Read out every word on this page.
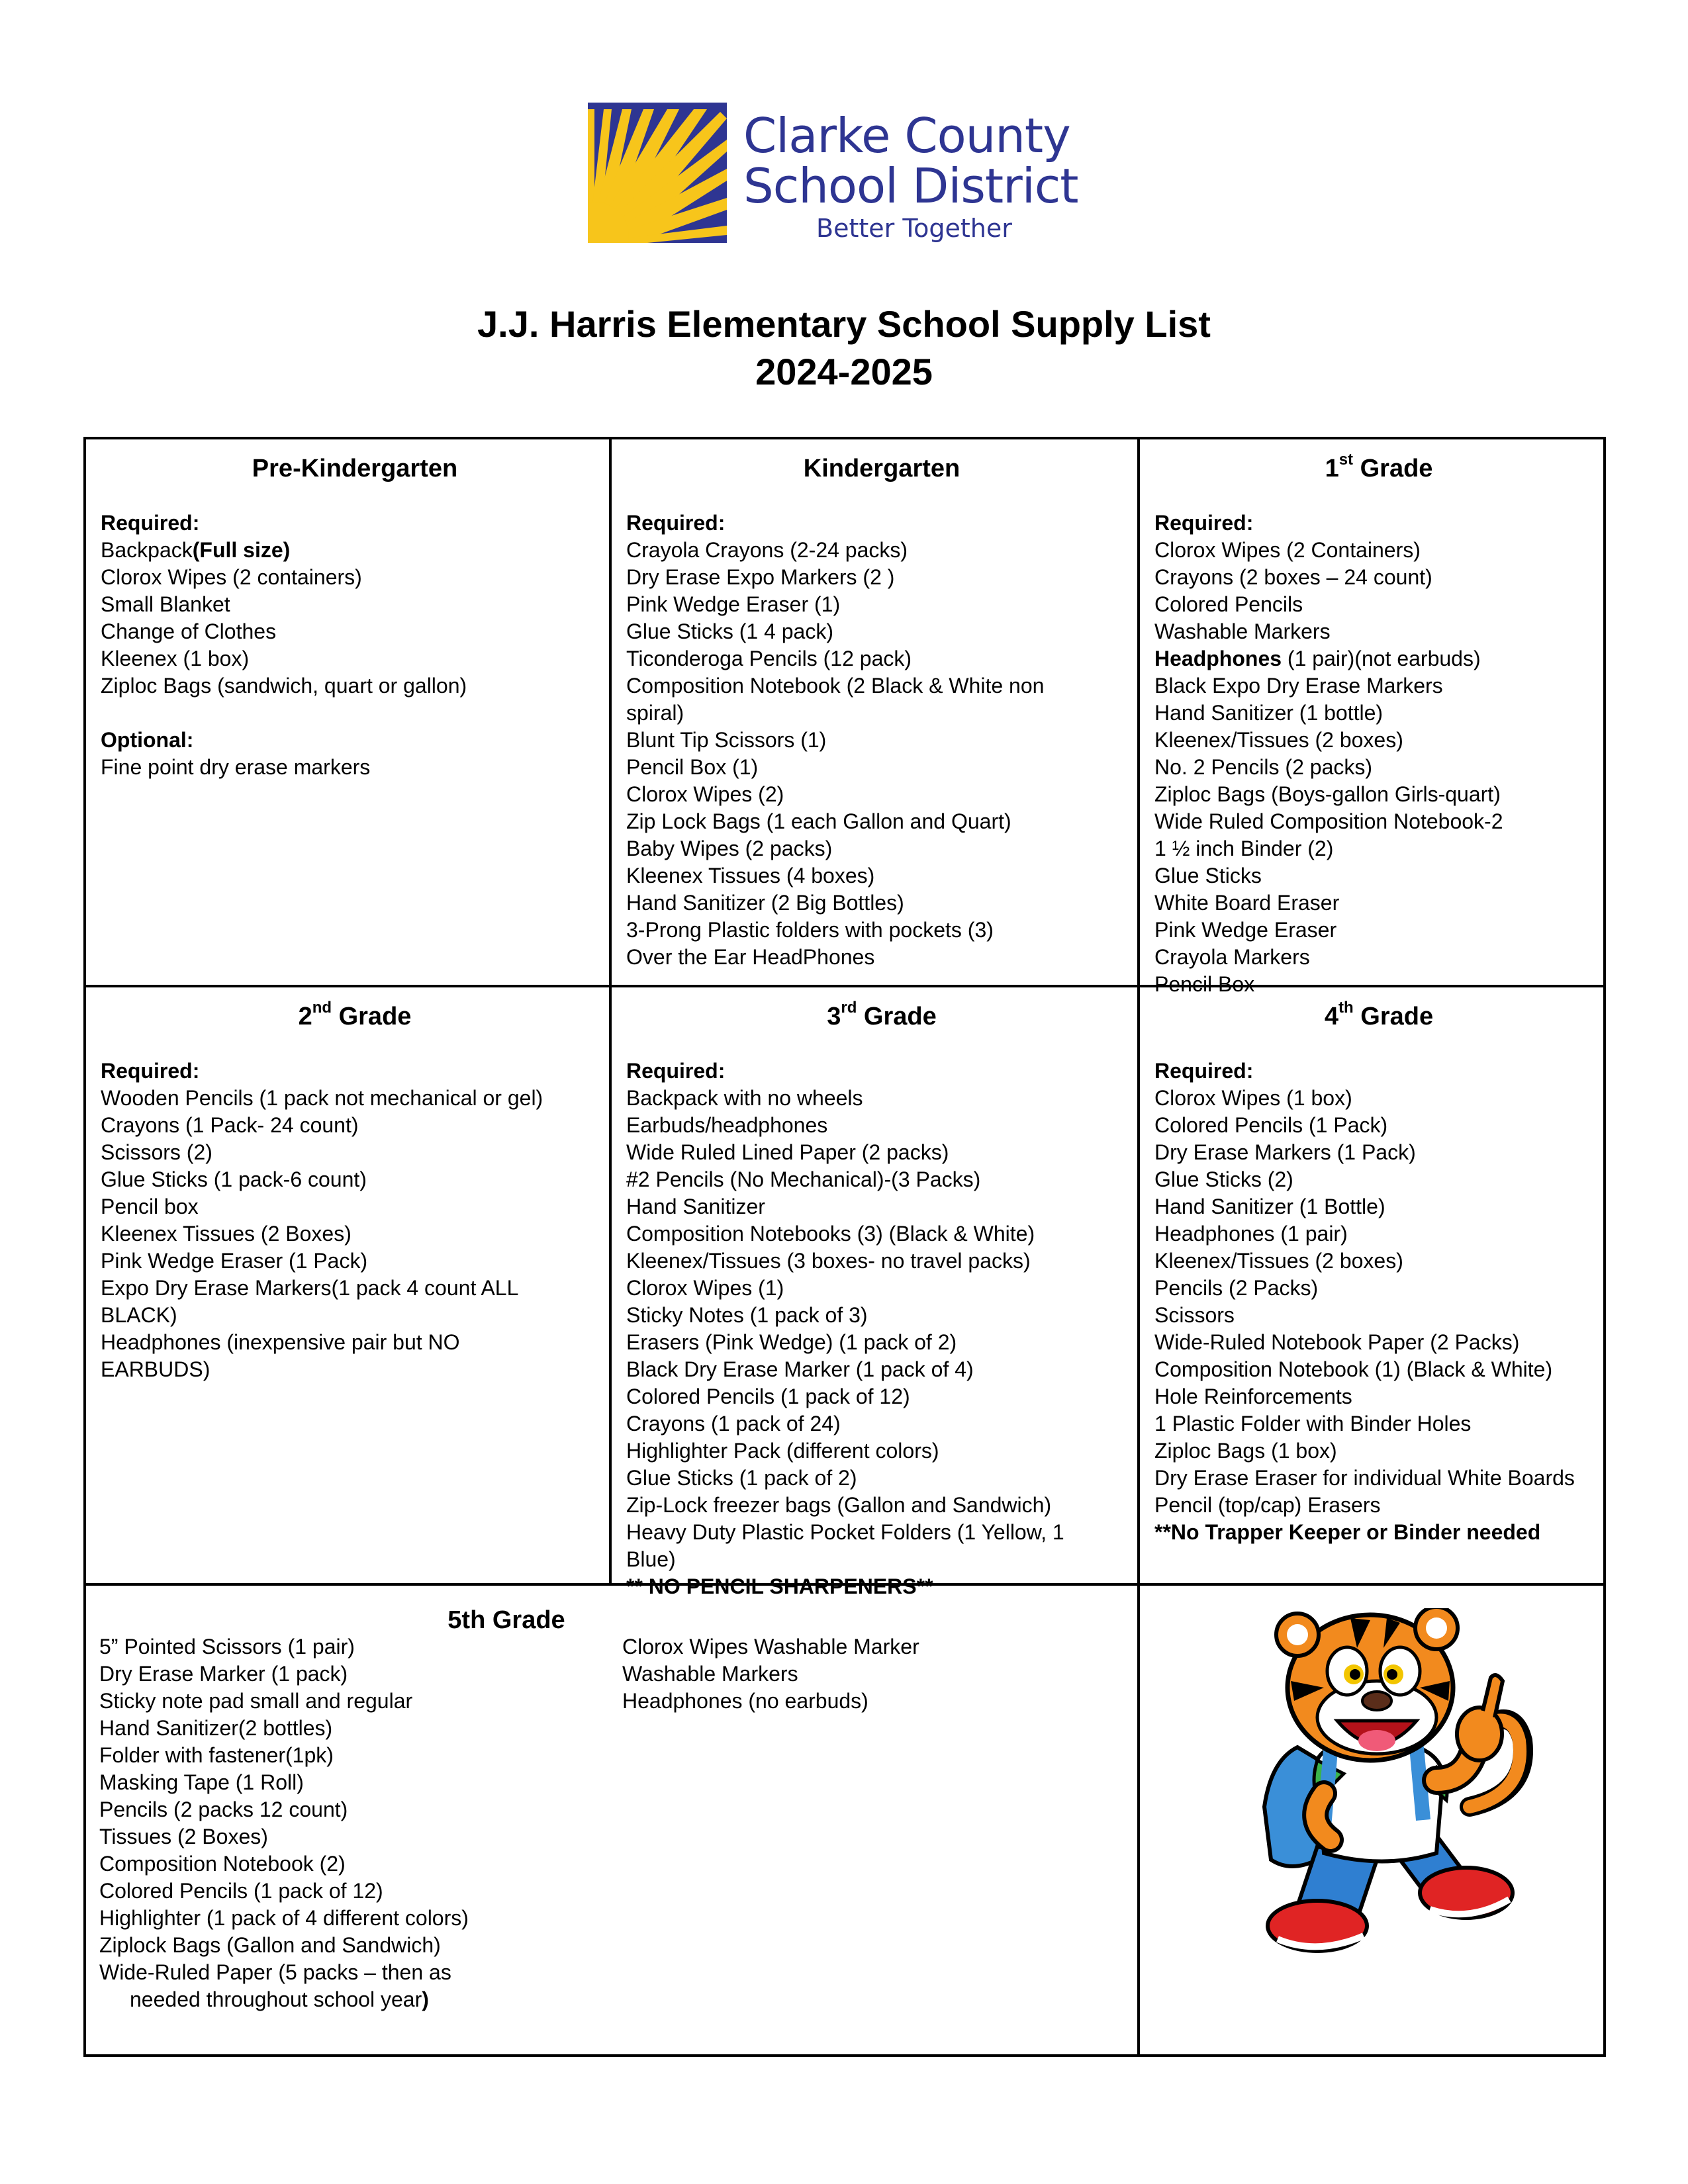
Clarke County
School District
Better Together
J.J. Harris Elementary School Supply List
2024-2025
Pre-Kindergarten
Required:
Backpack(Full size)
Clorox Wipes (2 containers)
Small Blanket
Change of Clothes
Kleenex (1 box)
Ziploc Bags (sandwich, quart or gallon)
Optional:
Fine point dry erase markers
Kindergarten
Required:
Crayola Crayons (2-24 packs)
Dry Erase Expo Markers (2 )
Pink Wedge Eraser (1)
Glue Sticks (1 4 pack)
Ticonderoga Pencils (12 pack)
Composition Notebook (2 Black & White non spiral)
Blunt Tip Scissors (1)
Pencil Box (1)
Clorox Wipes (2)
Zip Lock Bags (1 each Gallon and Quart)
Baby Wipes (2 packs)
Kleenex Tissues (4 boxes)
Hand Sanitizer (2 Big Bottles)
3-Prong Plastic folders with pockets (3)
Over the Ear HeadPhones
1st Grade
Required:
Clorox Wipes (2 Containers)
Crayons (2 boxes – 24 count)
Colored Pencils
Washable Markers
Headphones (1 pair)(not earbuds)
Black Expo Dry Erase Markers
Hand Sanitizer (1 bottle)
Kleenex/Tissues (2 boxes)
No. 2 Pencils (2 packs)
Ziploc Bags (Boys-gallon Girls-quart)
Wide Ruled Composition Notebook-2
1 ½ inch Binder (2)
Glue Sticks
White Board Eraser
Pink Wedge Eraser
Crayola Markers
Pencil Box
2nd Grade
Required:
Wooden Pencils (1 pack not mechanical or gel)
Crayons (1 Pack- 24 count)
Scissors (2)
Glue Sticks (1 pack-6 count)
Pencil box
Kleenex Tissues (2 Boxes)
Pink Wedge Eraser (1 Pack)
Expo Dry Erase Markers(1 pack 4 count ALL BLACK)
Headphones (inexpensive pair but NO EARBUDS)
3rd Grade
Required:
Backpack with no wheels
Earbuds/headphones
Wide Ruled Lined Paper (2 packs)
#2 Pencils (No Mechanical)-(3 Packs)
Hand Sanitizer
Composition Notebooks (3) (Black & White)
Kleenex/Tissues (3 boxes- no travel packs)
Clorox Wipes (1)
Sticky Notes (1 pack of 3)
Erasers (Pink Wedge) (1 pack of 2)
Black Dry Erase Marker (1 pack of 4)
Colored Pencils (1 pack of 12)
Crayons (1 pack of 24)
Highlighter Pack (different colors)
Glue Sticks (1 pack of 2)
Zip-Lock freezer bags (Gallon and Sandwich)
Heavy Duty Plastic Pocket Folders (1 Yellow, 1 Blue)
** NO PENCIL SHARPENERS**
4th Grade
Required:
Clorox Wipes (1 box)
Colored Pencils (1 Pack)
Dry Erase Markers (1 Pack)
Glue Sticks (2)
Hand Sanitizer (1 Bottle)
Headphones (1 pair)
Kleenex/Tissues (2 boxes)
Pencils (2 Packs)
Scissors
Wide-Ruled Notebook Paper (2 Packs)
Composition Notebook (1) (Black & White)
Hole Reinforcements
1 Plastic Folder with Binder Holes
Ziploc Bags (1 box)
Dry Erase Eraser for individual White Boards
Pencil (top/cap) Erasers
**No Trapper Keeper or Binder needed
5th Grade
5” Pointed Scissors (1 pair)
Dry Erase Marker (1 pack)
Sticky note pad small and regular
Hand Sanitizer(2 bottles)
Folder with fastener(1pk)
Masking Tape (1 Roll)
Pencils (2 packs 12 count)
Tissues (2 Boxes)
Composition Notebook (2)
Colored Pencils (1 pack of 12)
Highlighter (1 pack of 4 different colors)
Ziplock Bags (Gallon and Sandwich)
Wide-Ruled Paper (5 packs – then as
needed throughout school year)
Clorox Wipes Washable Marker
Washable Markers
Headphones (no earbuds)
